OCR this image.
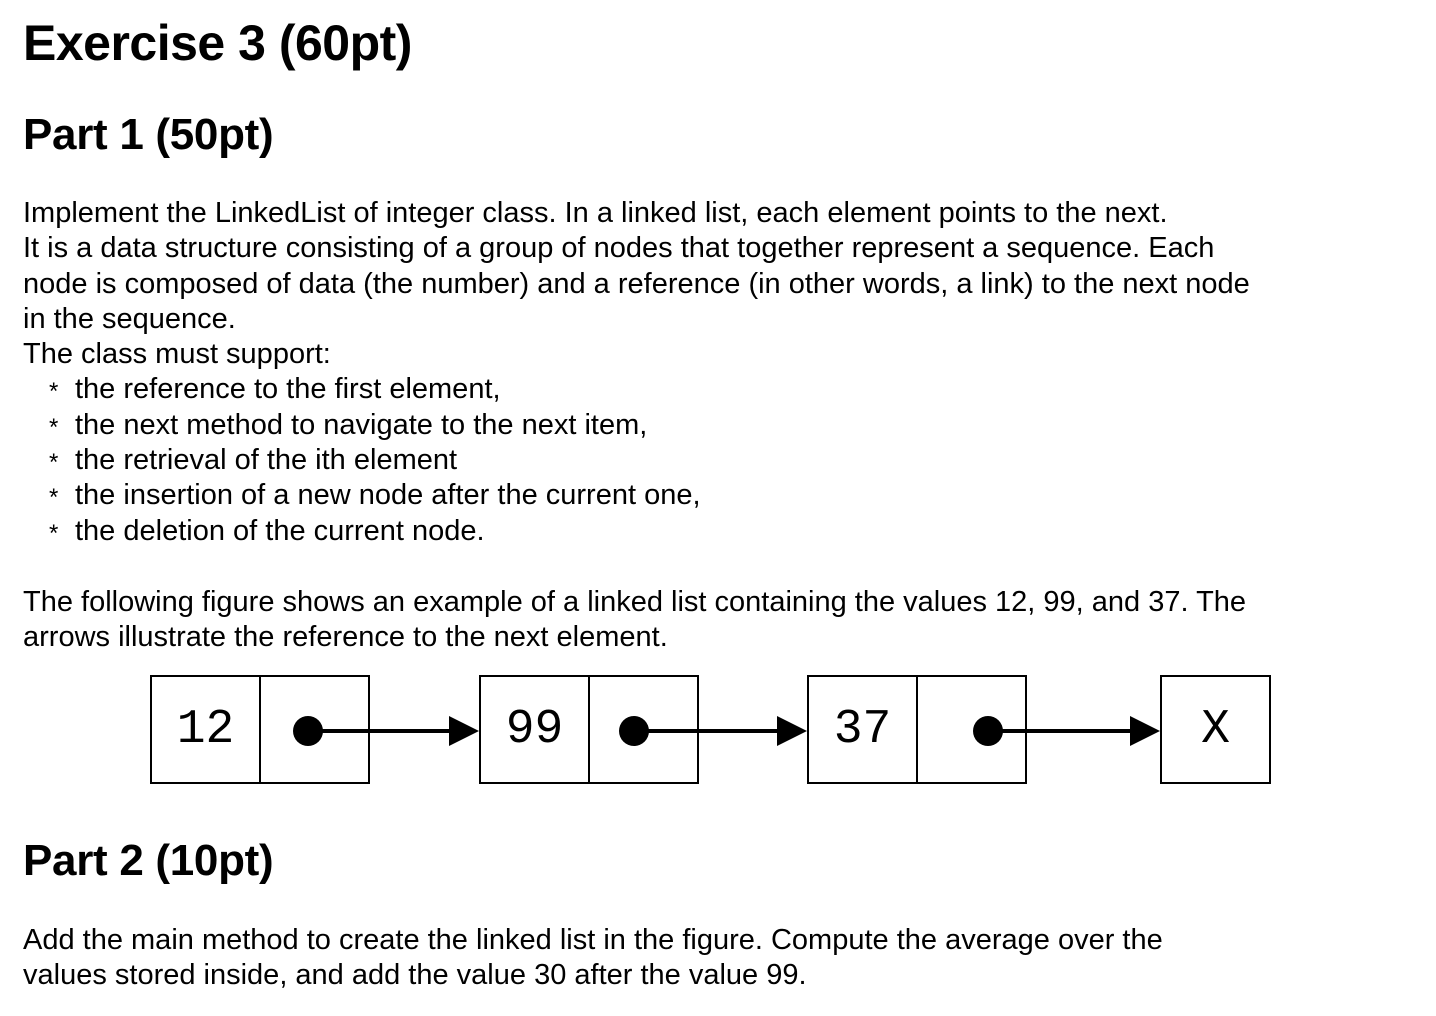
Exercise 3 (60pt)
Part 1 (50pt)
Implement the LinkedList of integer class. In a linked list, each element points to the next.
It is a data structure consisting of a group of nodes that together represent a sequence. Each
node is composed of data (the number) and a reference (in other words, a link) to the next node
in the sequence.
The class must support:
* the reference to the first element,
* the next method to navigate to the next item,
* the retrieval of the ith element
* the insertion of a new node after the current one,
* the deletion of the current node.
The following figure shows an example of a linked list containing the values 12, 99, and 37. The
arrows illustrate the reference to the next element.
Part 2 (10pt)
Add the main method to create the linked list in the figure. Compute the average over the
values stored inside, and add the value 30 after the value 99.
12	99	37	X
